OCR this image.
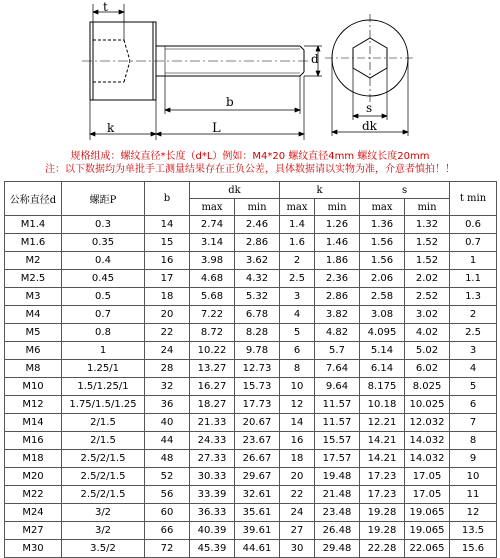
t
d
b
k	L
s
dk
规格组成：螺纹直径*长度（d*L）例如：M4*20 螺纹直径4mm 螺纹长度20mm
注：以下数据均为单批手工测量结果存在正负公差，具体数据请以实物为准，介意者慎拍！！
公称直径d	螺距P	b	dk		k		s		t min
			max	min	max	min	max	min	
M1.4	0.3	14	2.74	2.46	1.4	1.26	1.36	1.32	0.6
M1.6	0.35	15	3.14	2.86	1.6	1.46	1.56	1.52	0.7
M2	0.4	16	3.98	3.62	2	1.86	1.56	1.52	1
M2.5	0.45	17	4.68	4.32	2.5	2.36	2.06	2.02	1.1
M3	0.5	18	5.68	5.32	3	2.86	2.58	2.52	1.3
M4	0.7	20	7.22	6.78	4	3.82	3.08	3.02	2
M5	0.8	22	8.72	8.28	5	4.82	4.095	4.02	2.5
M6	1	24	10.22	9.78	6	5.7	5.14	5.02	3
M8	1.25/1	28	13.27	12.73	8	7.64	6.14	6.02	4
M10	1.5/1.25/1	32	16.27	15.73	10	9.64	8.175	8.025	5
M12	1.75/1.5/1.25	36	18.27	17.73	12	11.57	10.18	10.025	6
M14	2/1.5	40	21.33	20.67	14	11.57	12.21	12.032	7
M16	2/1.5	44	24.33	23.67	16	15.57	14.21	14.032	8
M18	2.5/2/1.5	48	27.33	26.67	18	17.57	14.21	14.032	9
M20	2.5/2/1.5	52	30.33	29.67	20	19.48	17.23	17.05	10
M22	2.5/2/1.5	56	33.39	32.61	22	21.48	17.23	17.05	11
M24	3/2	60	36.33	35.61	24	23.48	19.28	19.065	12
M27	3/2	66	40.39	39.61	27	26.48	19.28	19.065	13.5
M30	3.5/2	72	45.39	44.61	30	29.48	22.28	22.065	15.6
